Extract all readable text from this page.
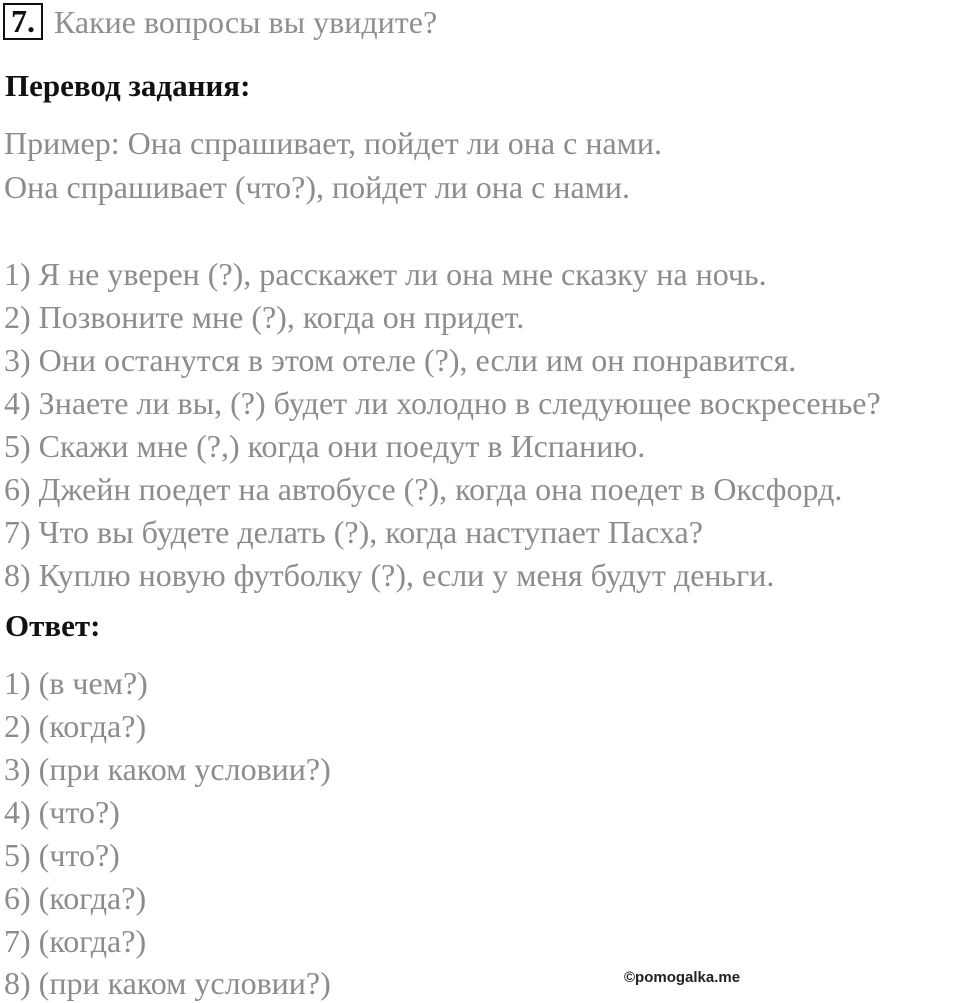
7. Какие вопросы вы увидите?
Перевод задания:
Пример: Она спрашивает, пойдет ли она с нами.
Она спрашивает (что?), пойдет ли она с нами.
1) Я не уверен (?), расскажет ли она мне сказку на ночь.
2) Позвоните мне (?), когда он придет.
3) Они останутся в этом отеле (?), если им он понравится.
4) Знаете ли вы, (?) будет ли холодно в следующее воскресенье?
5) Скажи мне (?,) когда они поедут в Испанию.
6) Джейн поедет на автобусе (?), когда она поедет в Оксфорд.
7) Что вы будете делать (?), когда наступает Пасха?
8) Куплю новую футболку (?), если у меня будут деньги.
Ответ:
1) (в чем?)
2) (когда?)
3) (при каком условии?)
4) (что?)
5) (что?)
6) (когда?)
7) (когда?)
8) (при каком условии?)	©pomogalka.me
